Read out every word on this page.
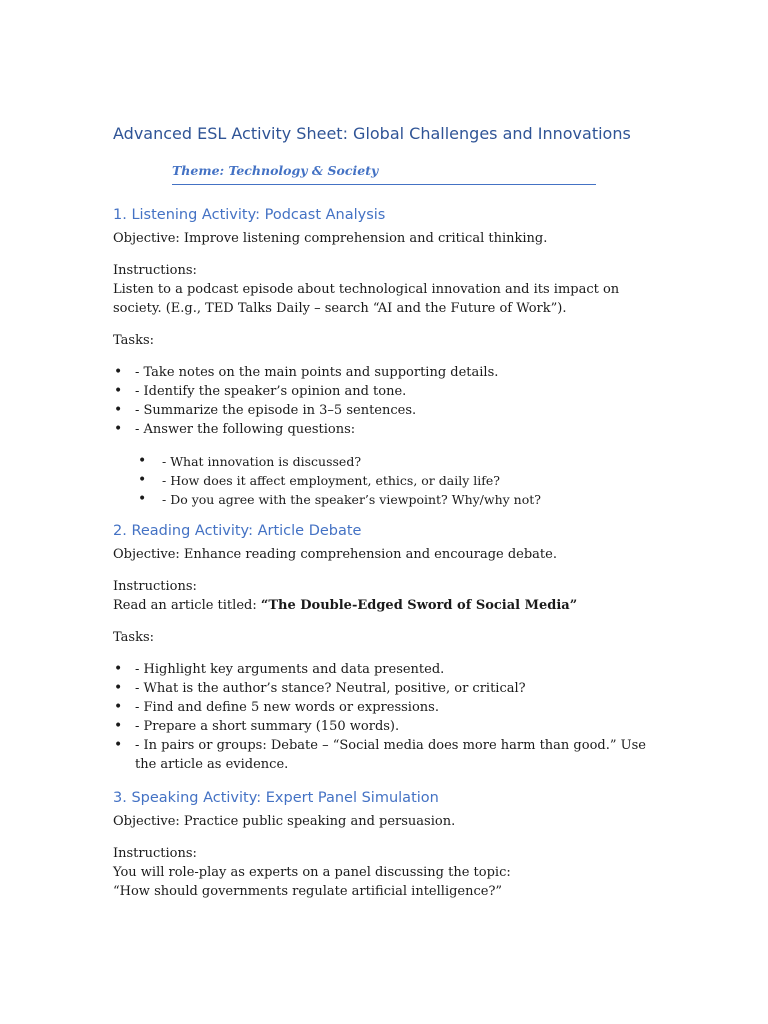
Advanced ESL Activity Sheet: Global Challenges and Innovations
Theme: Technology & Society
1. Listening Activity: Podcast Analysis

Objective: Improve listening comprehension and critical thinking.

Instructions:

Listen to a podcast episode about technological innovation and its impact on society. (E.g., TED Talks Daily – search “AI and the Future of Work”).

Tasks:

• - Take notes on the main points and supporting details.
• - Identify the speaker’s opinion and tone.
• - Summarize the episode in 3–5 sentences.
• - Answer the following questions:
• - What innovation is discussed?
• - How does it affect employment, ethics, or daily life?
• - Do you agree with the speaker’s viewpoint? Why/why not?
2. Reading Activity: Article Debate

Objective: Enhance reading comprehension and encourage debate.

Instructions:

Read an article titled: “The Double-Edged Sword of Social Media”

Tasks:

• - Highlight key arguments and data presented.
• - What is the author’s stance? Neutral, positive, or critical?
• - Find and define 5 new words or expressions.
• - Prepare a short summary (150 words).
• - In pairs or groups: Debate – “Social media does more harm than good.” Use the article as evidence.
3. Speaking Activity: Expert Panel Simulation

Objective: Practice public speaking and persuasion.

Instructions:
You will role-play as experts on a panel discussing the topic:
“How should governments regulate artificial intelligence?”
